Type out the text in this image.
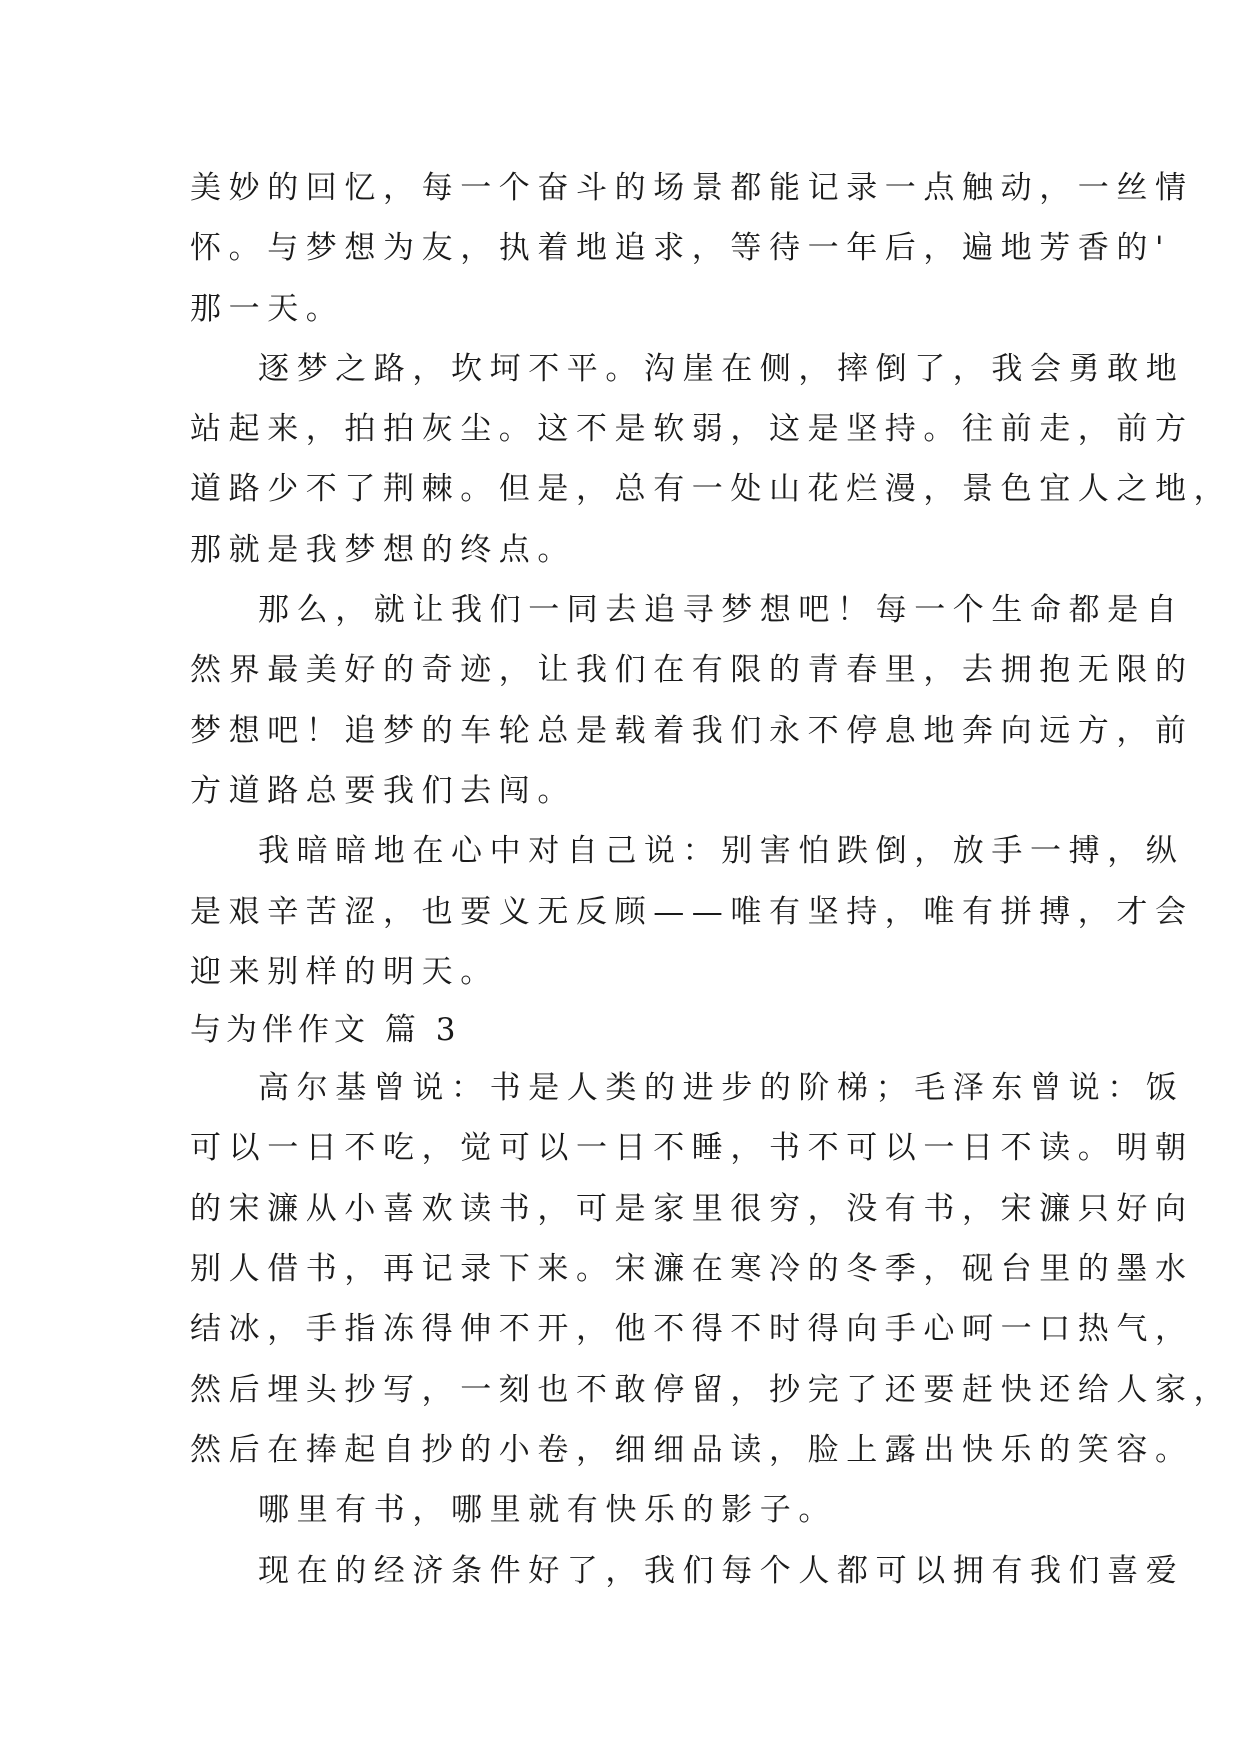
美妙的回忆，每一个奋斗的场景都能记录一点触动，一丝情
怀。与梦想为友，执着地追求，等待一年后，遍地芳香的'
那一天。
逐梦之路，坎坷不平。沟崖在侧，摔倒了，我会勇敢地
站起来，拍拍灰尘。这不是软弱，这是坚持。往前走，前方
道路少不了荆棘。但是，总有一处山花烂漫，景色宜人之地，
那就是我梦想的终点。
那么，就让我们一同去追寻梦想吧！每一个生命都是自
然界最美好的奇迹，让我们在有限的青春里，去拥抱无限的
梦想吧！追梦的车轮总是载着我们永不停息地奔向远方，前
方道路总要我们去闯。
我暗暗地在心中对自己说：别害怕跌倒，放手一搏，纵
是艰辛苦涩，也要义无反顾——唯有坚持，唯有拼搏，才会
迎来别样的明天。
与为伴作文 篇 3
高尔基曾说：书是人类的进步的阶梯；毛泽东曾说：饭
可以一日不吃，觉可以一日不睡，书不可以一日不读。明朝
的宋濂从小喜欢读书，可是家里很穷，没有书，宋濂只好向
别人借书，再记录下来。宋濂在寒冷的冬季，砚台里的墨水
结冰，手指冻得伸不开，他不得不时得向手心呵一口热气，
然后埋头抄写，一刻也不敢停留，抄完了还要赶快还给人家，
然后在捧起自抄的小卷，细细品读，脸上露出快乐的笑容。
哪里有书，哪里就有快乐的影子。
现在的经济条件好了，我们每个人都可以拥有我们喜爱
